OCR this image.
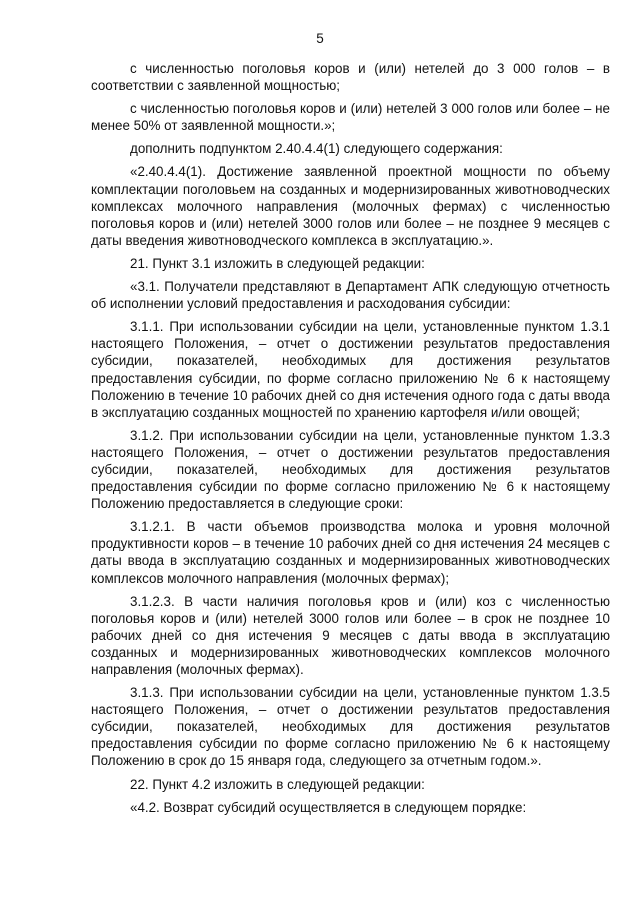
5

с численностью поголовья коров и (или) нетелей до 3 000 голов – в соответствии с заявленной мощностью;

с численностью поголовья коров и (или) нетелей 3 000 голов или более – не менее 50% от заявленной мощности.»;

дополнить подпунктом 2.40.4.4(1) следующего содержания:

«2.40.4.4(1). Достижение заявленной проектной мощности по объему комплектации поголовьем на созданных и модернизированных животноводческих комплексах молочного направления (молочных фермах) с численностью поголовья коров и (или) нетелей 3000 голов или более – не позднее 9 месяцев с даты введения животноводческого комплекса в эксплуатацию.».

21. Пункт 3.1 изложить в следующей редакции:

«3.1. Получатели представляют в Департамент АПК следующую отчетность об исполнении условий предоставления и расходования субсидии:

3.1.1. При использовании субсидии на цели, установленные пунктом 1.3.1 настоящего Положения, – отчет о достижении результатов предоставления субсидии, показателей, необходимых для достижения результатов предоставления субсидии, по форме согласно приложению № 6 к настоящему Положению в течение 10 рабочих дней со дня истечения одного года с даты ввода в эксплуатацию созданных мощностей по хранению картофеля и/или овощей;

3.1.2. При использовании субсидии на цели, установленные пунктом 1.3.3 настоящего Положения, – отчет о достижении результатов предоставления субсидии, показателей, необходимых для достижения результатов предоставления субсидии по форме согласно приложению № 6 к настоящему Положению предоставляется в следующие сроки:

3.1.2.1. В части объемов производства молока и уровня молочной продуктивности коров – в течение 10 рабочих дней со дня истечения 24 месяцев с даты ввода в эксплуатацию созданных и модернизированных животноводческих комплексов молочного направления (молочных фермах);

3.1.2.3. В части наличия поголовья кров и (или) коз с численностью поголовья коров и (или) нетелей 3000 голов или более – в срок не позднее 10 рабочих дней со дня истечения 9 месяцев с даты ввода в эксплуатацию созданных и модернизированных животноводческих комплексов молочного направления (молочных фермах).

3.1.3. При использовании субсидии на цели, установленные пунктом 1.3.5 настоящего Положения, – отчет о достижении результатов предоставления субсидии, показателей, необходимых для достижения результатов предоставления субсидии по форме согласно приложению № 6 к настоящему Положению в срок до 15 января года, следующего за отчетным годом.».

22. Пункт 4.2 изложить в следующей редакции:

«4.2. Возврат субсидий осуществляется в следующем порядке:
